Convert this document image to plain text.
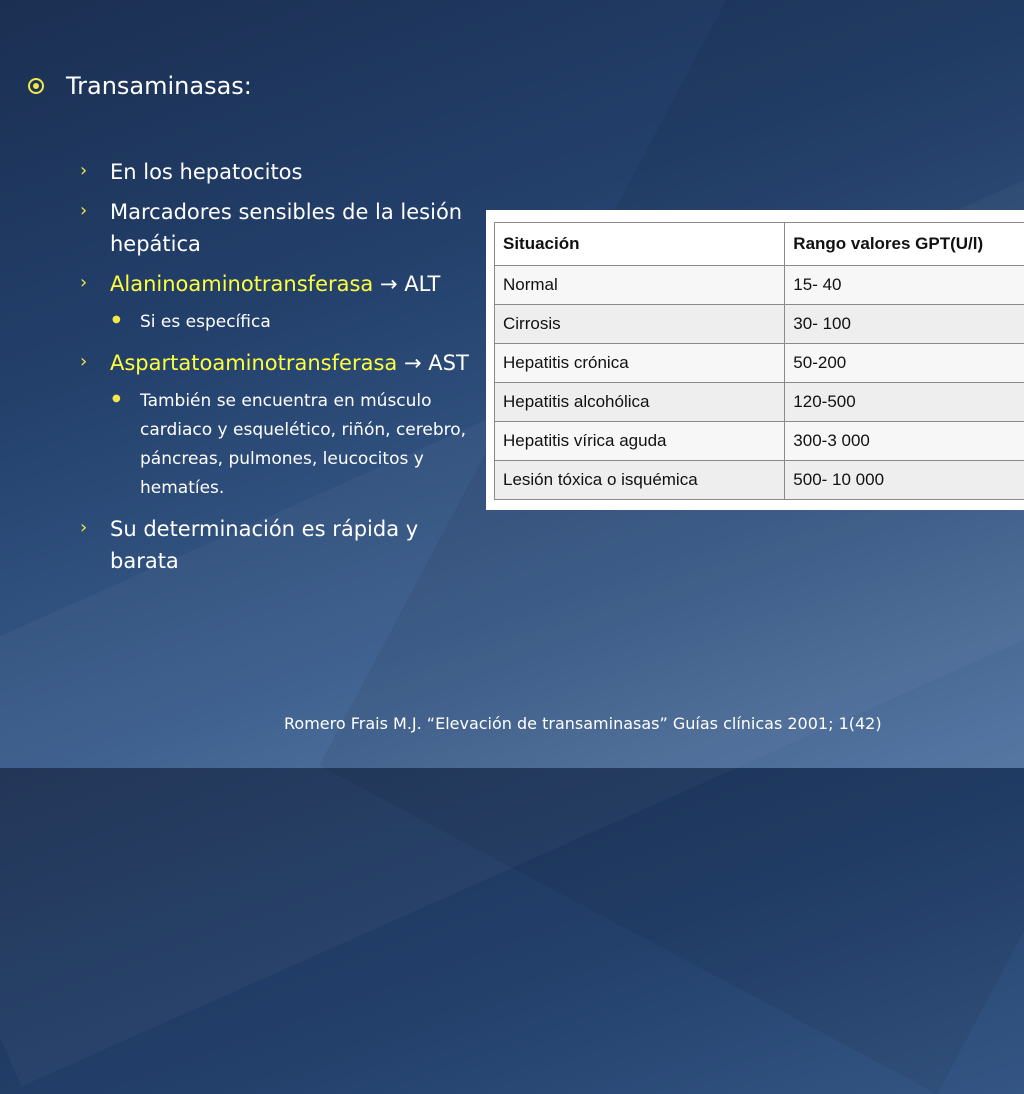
Transaminasas:
›	En los hepatocitos
›	Marcadores sensibles de la lesión hepática
›	Alaninoaminotransferasa → ALT
●	Si es específica
›	Aspartatoaminotransferasa → AST
●	También se encuentra en músculo cardiaco y esquelético, riñón, cerebro, páncreas, pulmones, leucocitos y hematíes.
›	Su determinación es rápida y barata
Situación	Rango valores GPT(U/l)
Normal	15- 40
Cirrosis	30- 100
Hepatitis crónica	50-200
Hepatitis alcohólica	120-500
Hepatitis vírica aguda	300-3 000
Lesión tóxica o isquémica	500- 10 000
Romero Frais M.J. “Elevación de transaminasas” Guías clínicas 2001; 1(42)
